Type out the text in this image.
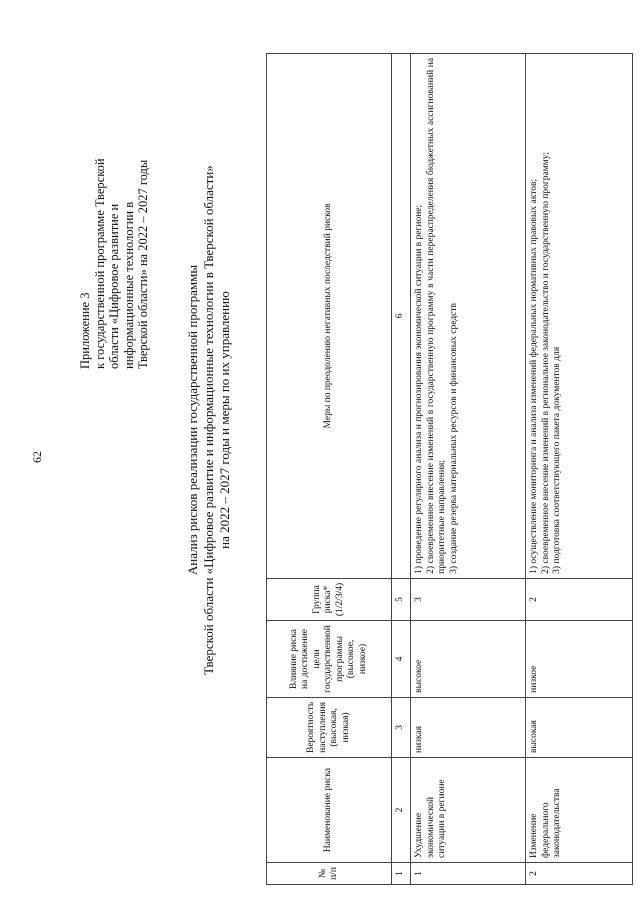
62
Приложение 3 к государственной программе Тверской области «Цифровое развитие и информационные технологии в Тверской области» на 2022 – 2027 годы
Анализ рисков реализации государственной программы Тверской области «Цифровое развитие и информационные технологии в Тверской области» на 2022 – 2027 годы и меры по их управлению
№ п/п	Наименование риска	Вероятность наступления (высокая, низкая)	Влияние риска на достижение цели государственной программы (высокое, низкое)	Группа риска* (1/2/3/4)	Меры по преодолению негативных последствий рисков
1	2	3	4	5	6
1	Ухудшение экономической ситуации в регионе	низкая	высокое	3	1) проведение регулярного анализа и прогнозирования экономической ситуации в регионе; 2) своевременное внесение изменений в государственную программу в части перераспределения бюджетных ассигнований на приоритетные направления; 3) создание резерва материальных ресурсов и финансовых средств

2	Изменение федерального законодательства	высокая	низкое	2	1) осуществление мониторинга и анализа изменений федеральных нормативных правовых актов; 2) своевременное внесение изменений в региональное законодательство и государственную программу; 3) подготовка соответствующего пакета документов для
